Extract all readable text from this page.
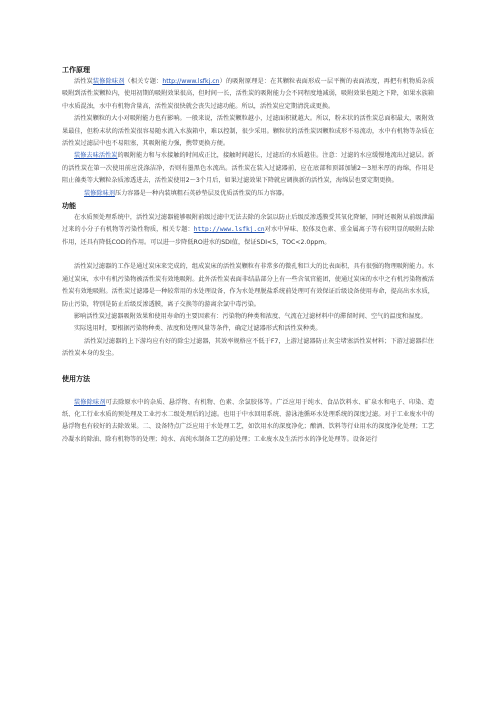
工作原理

活性炭装修除味剂（相关专题：http://www.lsfkj.cn）的吸附原理是：在其颗粒表面形成一层平衡的表面浓度，再把有机物质杂质吸附到活性炭颗粒内，使用初期的吸附效果很高，但时间一长，活性炭的吸附能力会不同程度地减弱，吸附效果也随之下降，如果水族箱中水质混浊，水中有机物含量高，活性炭很快就会丧失过滤功能。所以，活性炭应定期清洗或更换。

活性炭颗粒的大小对吸附能力也有影响。一般来说，活性炭颗粒越小，过滤面积就越大。所以，粉末状的活性炭总面积最大，吸附效果最佳，但粉末状的活性炭很容易随水流入水族箱中，难以控制，很少采用。颗粒状的活性炭因颗粒成形不易流动，水中有机物等杂质在活性炭过滤层中也不易阻塞，其吸附能力强，携带更换方便。

装修去味活性炭的吸附能力和与水接触的时间成正比，接触时间越长，过滤后的水质越佳。注意：过滤的水应缓慢地流出过滤层。新的活性炭在第一次使用前应洗涤洁净，否则有墨黑色水流出。活性炭在装入过滤器前，应在底部和顶部加铺2～3厘米厚的海绵，作用是阻止藻类等大颗粒杂质渗透进去，活性炭使用2～3个月后，如果过滤效果下降就应调换新的活性炭，海绵层也要定期更换。

装修除味剂压力容器是一种内装填粗石英砂垫层及优质活性炭的压力容器。

功能

在水质预处理系统中，活性炭过滤器能够吸附前级过滤中无法去除的余氯以防止后级反渗透膜受其氧化降解，同时还吸附从前级泄漏过来的小分子有机物等污染性物质，相关专题：http://www.lsfkj.cn对水中异味、胶体及色素、重金属离子等有较明显的吸附去除作用，还具有降低COD的作用。可以进一步降低RO进水的SDI值，保证SDI<5，TOC<2.0ppm。

活性炭过滤器的工作是通过炭床来完成的，组成炭床的活性炭颗粒有非常多的微孔和巨大的比表面积，具有很强的物理吸附能力。水通过炭床，水中有机污染物被活性炭有效地吸附。此外活性炭表面非结晶部分上有一些含氧官能团，使通过炭床的水中之有机污染物被活性炭有效地吸附。活性炭过滤器是一种较常用的水处理设备，作为水处理脱盐系统前处理可有效保证后级设备使用寿命，提高出水水质，防止污染，特别是防止后级反渗透膜，离子交换等的游离余氯中毒污染。

影响活性炭过滤器吸附效果和使用寿命的主要因素有：污染物的种类和浓度、气流在过滤材料中的滞留时间、空气的温度和湿度。

实际选用时，要根据污染物种类、浓度和处理风量等条件，确定过滤器形式和活性炭种类。

活性炭过滤器的上下游均应有好的除尘过滤器，其效率规格应不低于F7，上游过滤器防止灰尘堵塞活性炭材料；下游过滤器拦住活性炭本身的发尘。

使用方法

装修除味剂可去除原水中的杂质、悬浮物、有机物、色素、余氯胶体等。广泛应用于纯水、食品饮料水、矿泉水和电子、印染、造纸、化工行业水质的预处理及工业污水二级处理后的过滤。也用于中水回用系统、游泳池循环水处理系统的深度过滤。对于工业废水中的悬浮物也有较好的去除效果。二、设备特点广泛应用于水处理工艺，如饮用水的深度净化；酿酒、饮料等行业用水的深度净化处理；工艺冷凝水的除油、除有机物等的处理；纯水、高纯水制备工艺的前处理；工业废水及生活污水的净化处理等。设备运行
